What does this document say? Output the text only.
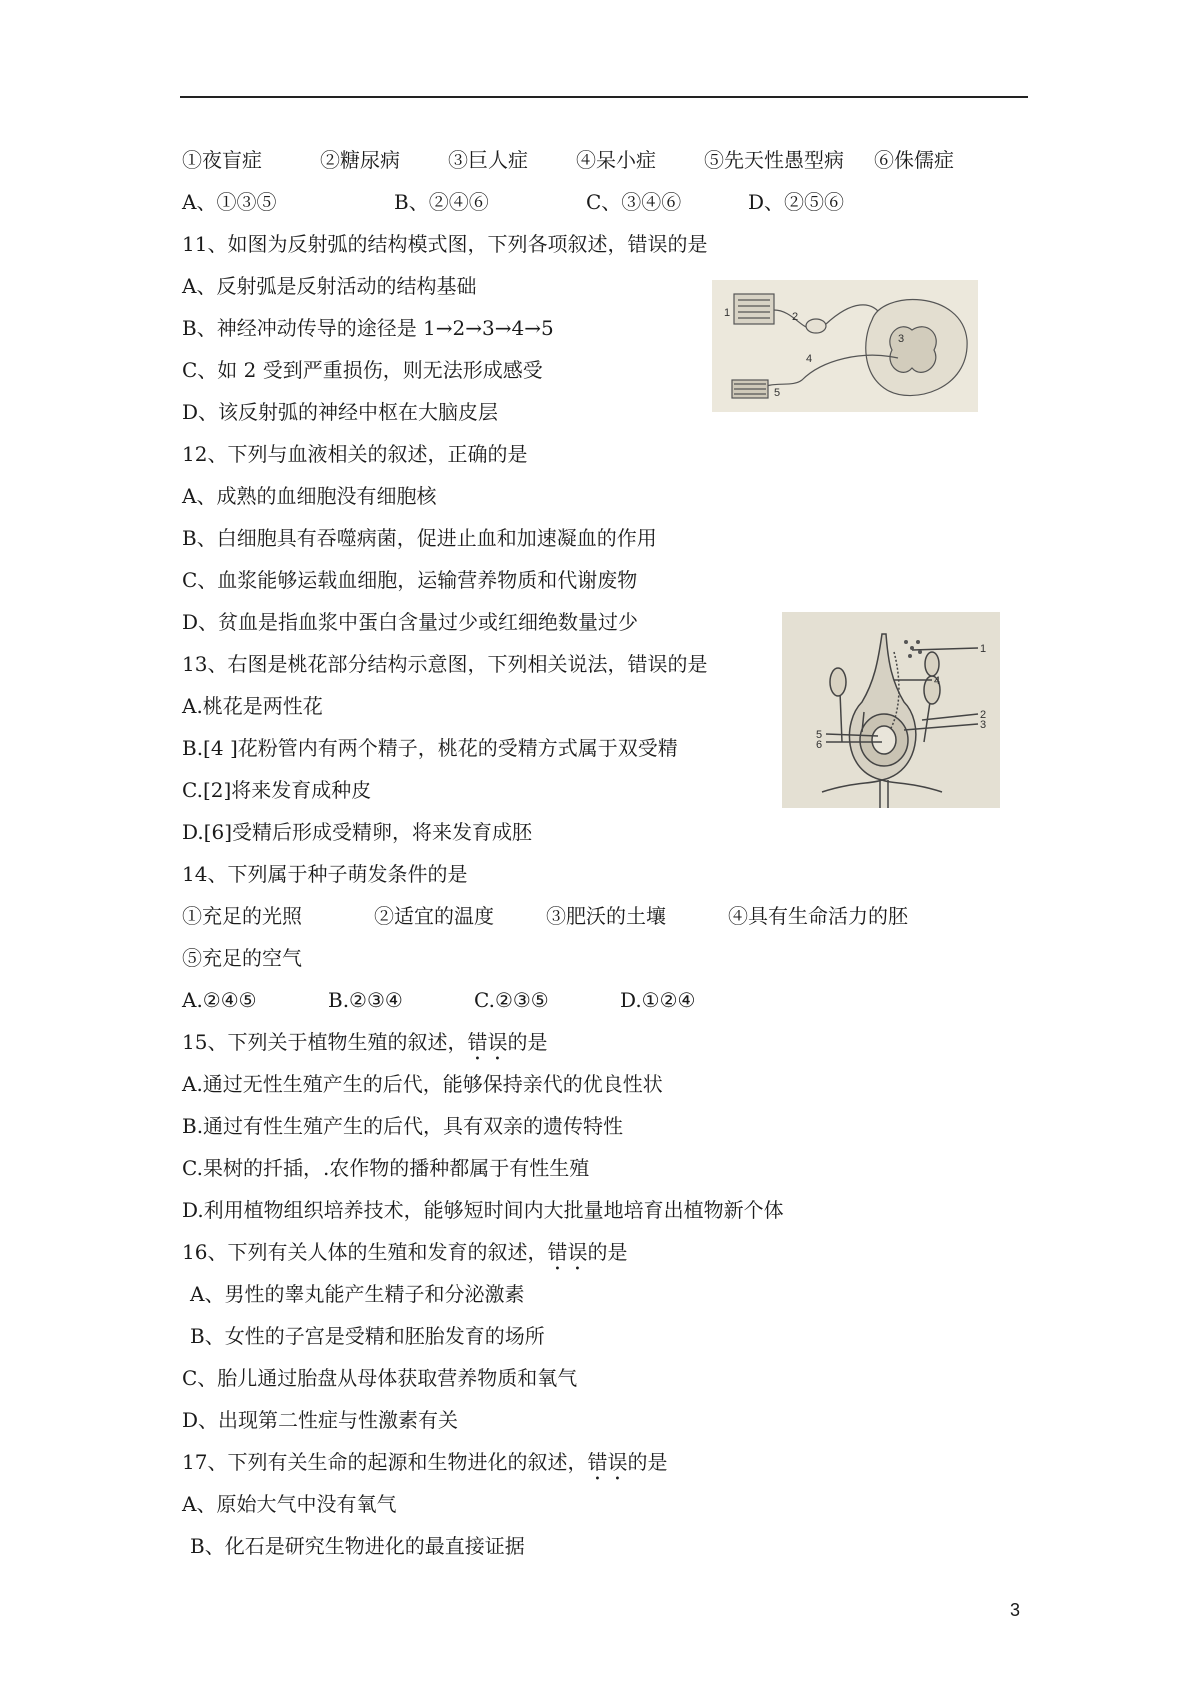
①夜盲症	②糖尿病 ③巨人症 ④呆小症 ⑤先天性愚型病 ⑥侏儒症
A、①③⑤	B、②④⑥	C、③④⑥	D、②⑤⑥
11、如图为反射弧的结构模式图，下列各项叙述，错误的是
A、反射弧是反射活动的结构基础
B、神经冲动传导的途径是 1→2→3→4→5
C、如 2 受到严重损伤，则无法形成感受
D、该反射弧的神经中枢在大脑皮层
1	2
3
4
5
12、下列与血液相关的叙述，正确的是
A、成熟的血细胞没有细胞核
B、白细胞具有吞噬病菌，促进止血和加速凝血的作用
C、血浆能够运载血细胞，运输营养物质和代谢废物
D、贫血是指血浆中蛋白含量过少或红细绝数量过少
1
2
3
4
5
6
13、右图是桃花部分结构示意图，下列相关说法，错误的是
A.桃花是两性花
B.[4 ]花粉管内有两个精子，桃花的受精方式属于双受精
C.[2]将来发育成种皮
D.[6]受精后形成受精卵，将来发育成胚
14、下列属于种子萌发条件的是
①充足的光照	②适宜的温度	③肥沃的土壤	④具有生命活力的胚
⑤充足的空气
A.②④⑤	B.②③④	C.②③⑤	D.①②④
15、下列关于植物生殖的叙述，错误的是
A.通过无性生殖产生的后代，能够保持亲代的优良性状
B.通过有性生殖产生的后代，具有双亲的遗传特性
C.果树的扦插，.农作物的播种都属于有性生殖
D.利用植物组织培养技术，能够短时间内大批量地培育出植物新个体
16、下列有关人体的生殖和发育的叙述，错误的是
A、男性的睾丸能产生精子和分泌激素
B、女性的子宫是受精和胚胎发育的场所
C、胎儿通过胎盘从母体获取营养物质和氧气
D、出现第二性症与性激素有关
17、下列有关生命的起源和生物进化的叙述，错误的是
A、原始大气中没有氧气
B、化石是研究生物进化的最直接证据
3
